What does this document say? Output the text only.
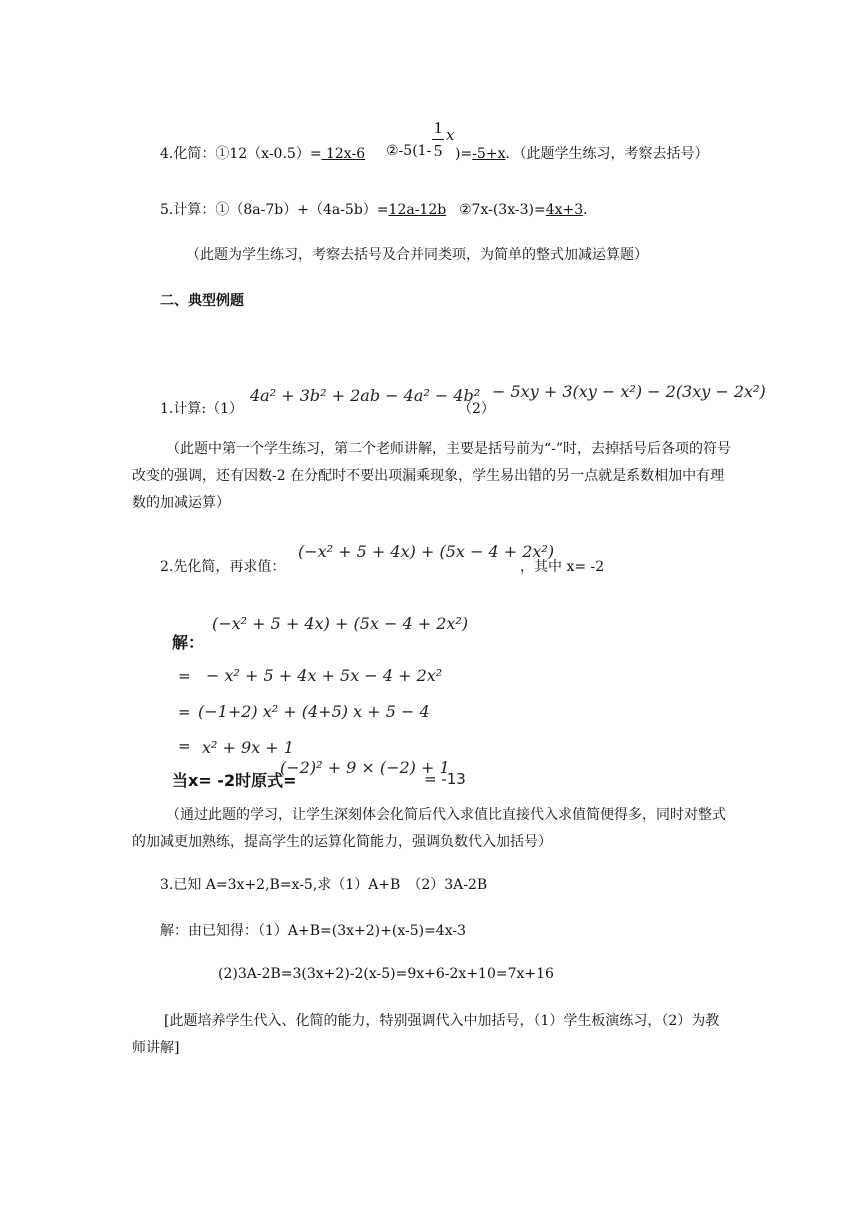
4.化简：①12（x-0.5）= 12x-6 ②-5(1-
1
5
x
)=-5+x．（此题学生练习，考察去括号）
5.计算：①（8a-7b）+（4a-5b）=12a-12b ②7x-(3x-3)=4x+3．
（此题为学生练习，考察去括号及合并同类项，为简单的整式加减运算题）
二、典型例题
1.计算:（1）
4a² + 3b² + 2ab − 4a² − 4b²
（2）
− 5xy + 3(xy − x²) − 2(3xy − 2x²)
（此题中第一个学生练习，第二个老师讲解，主要是括号前为“-”时，去掉括号后各项的符号改变的强调，还有因数-2 在分配时不要出项漏乘现象，学生易出错的另一点就是系数相加中有理数的加减运算）
2.先化简，再求值：
(−x² + 5 + 4x) + (5x − 4 + 2x²)
，其中 x= -2
解：
(−x² + 5 + 4x) + (5x − 4 + 2x²)
= − x² + 5 + 4x + 5x − 4 + 2x²
= (−1+2) x² + (4+5) x + 5 − 4
= x² + 9x + 1
当x= -2时原式=
(−2)² + 9 × (−2) + 1
= -13
（通过此题的学习，让学生深刻体会化简后代入求值比直接代入求值简便得多，同时对整式的加减更加熟练，提高学生的运算化简能力，强调负数代入加括号）
3.已知 A=3x+2,B=x-5,求（1）A+B　（2）3A-2B
解：由已知得：（1）A+B=(3x+2)+(x-5)=4x-3
(2)3A-2B=3(3x+2)-2(x-5)=9x+6-2x+10=7x+16
[此题培养学生代入、化简的能力，特别强调代入中加括号，（1）学生板演练习，（2）为教师讲解]
